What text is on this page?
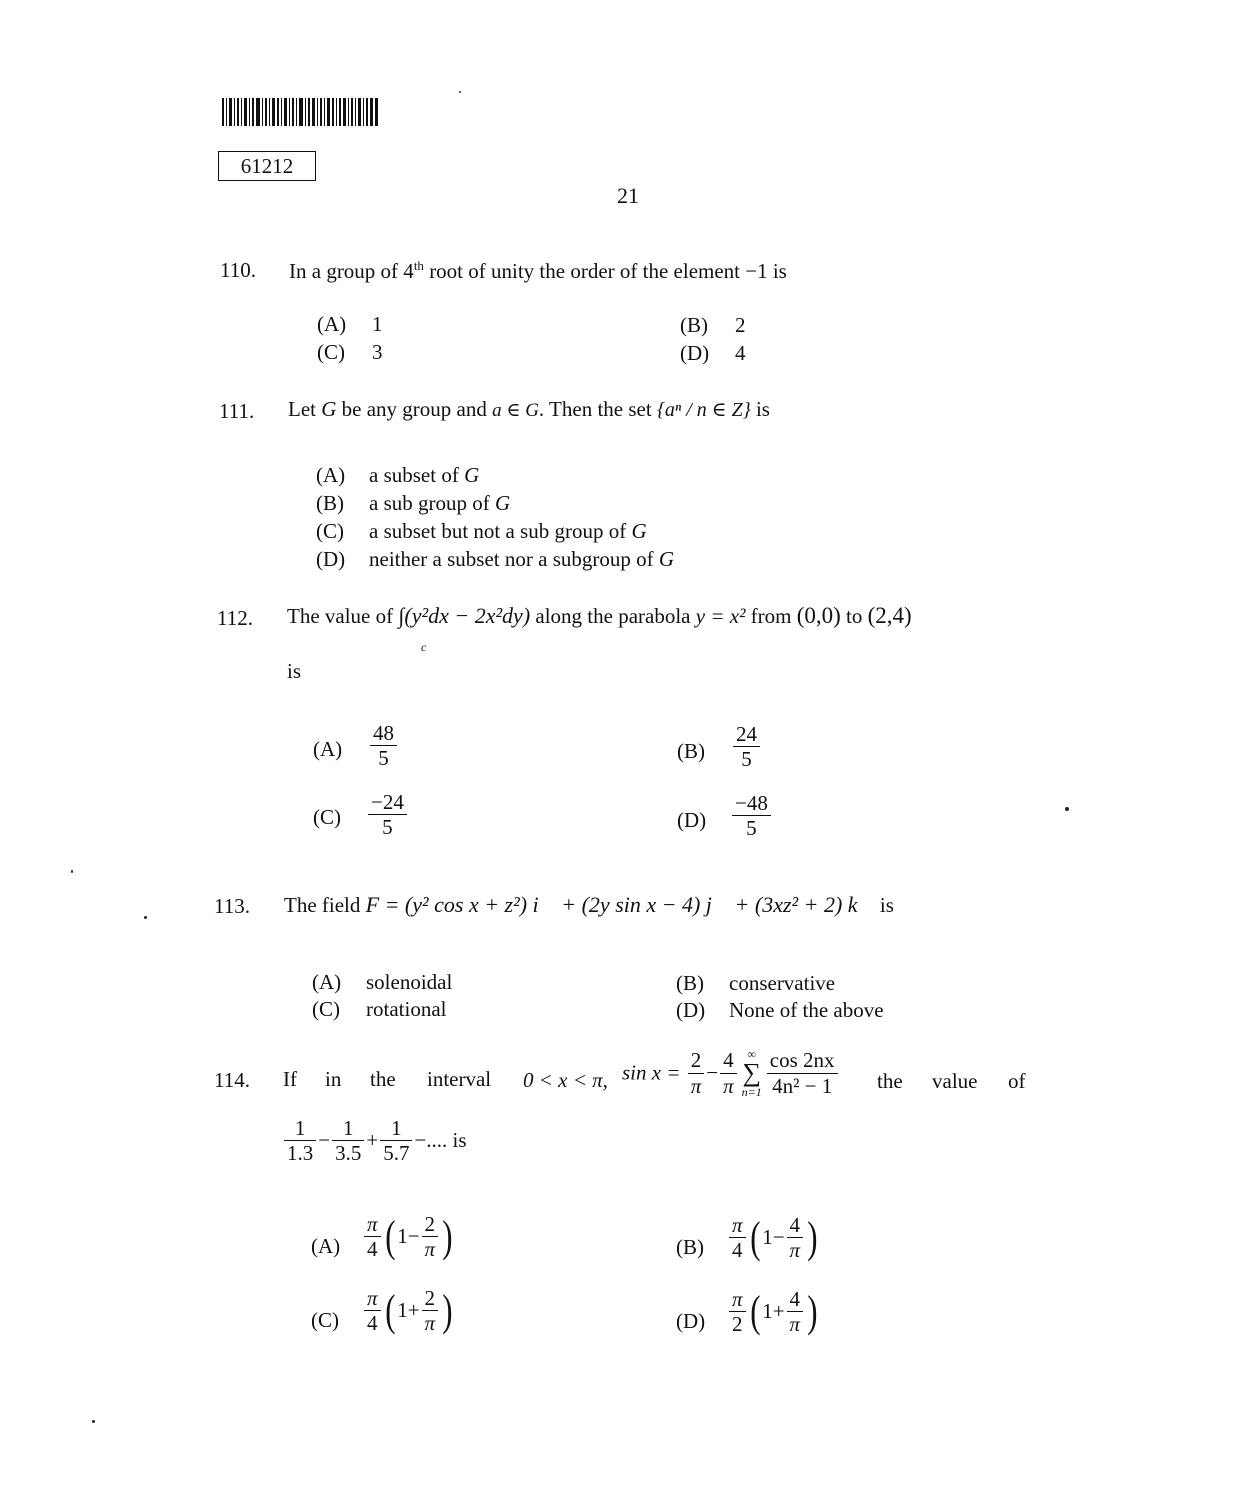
61212
21
110. In a group of 4th root of unity the order of the element −1 is
(A) 1	(B) 2
(C) 3	(D) 4
111. Let G be any group and a ∈ G. Then the set {aⁿ / n ∈ Z} is
(A) a subset of G
(B) a sub group of G
(C) a subset but not a sub group of G
(D) neither a subset nor a subgroup of G
112. The value of ∫(y²dx − 2x²dy) along the parabola y = x² from (0,0) to (2,4)
c
is
$(A) \frac{48}{5}$	$(B) \frac{24}{5}$
$(C) \frac{-24}{5}$	$(D) \frac{-48}{5}$
113. The field F = (y² cos x + z²) i⃗ + (2y sin x − 4) j⃗ + (3xz² + 2) k⃗ is
(A) solenoidal	(B) conservative
(C) rotational	(D) None of the above
114. If in the interval 0 < x < π, $\sin x = \frac{2}{\pi} - \frac{4}{\pi}$ ∞
∑
$n=1 \frac{\cos 2nx}{\text{4n² − 1}}$ the value of
$\frac{1}{1.3} - \frac{1}{3.5} + \frac{1}{5.7}$ −.... is
$(A) \frac{\pi}{4}$ ( $1- \frac{2}{\pi}$ )	$(B) \frac{\pi}{4}$ ( $1- \frac{4}{\pi}$ )
$(C) \frac{\pi}{4}$ ( $1+ \frac{2}{\pi}$ )	$(D) \frac{\pi}{2}$ ( $1+ \frac{4}{\pi}$ )
